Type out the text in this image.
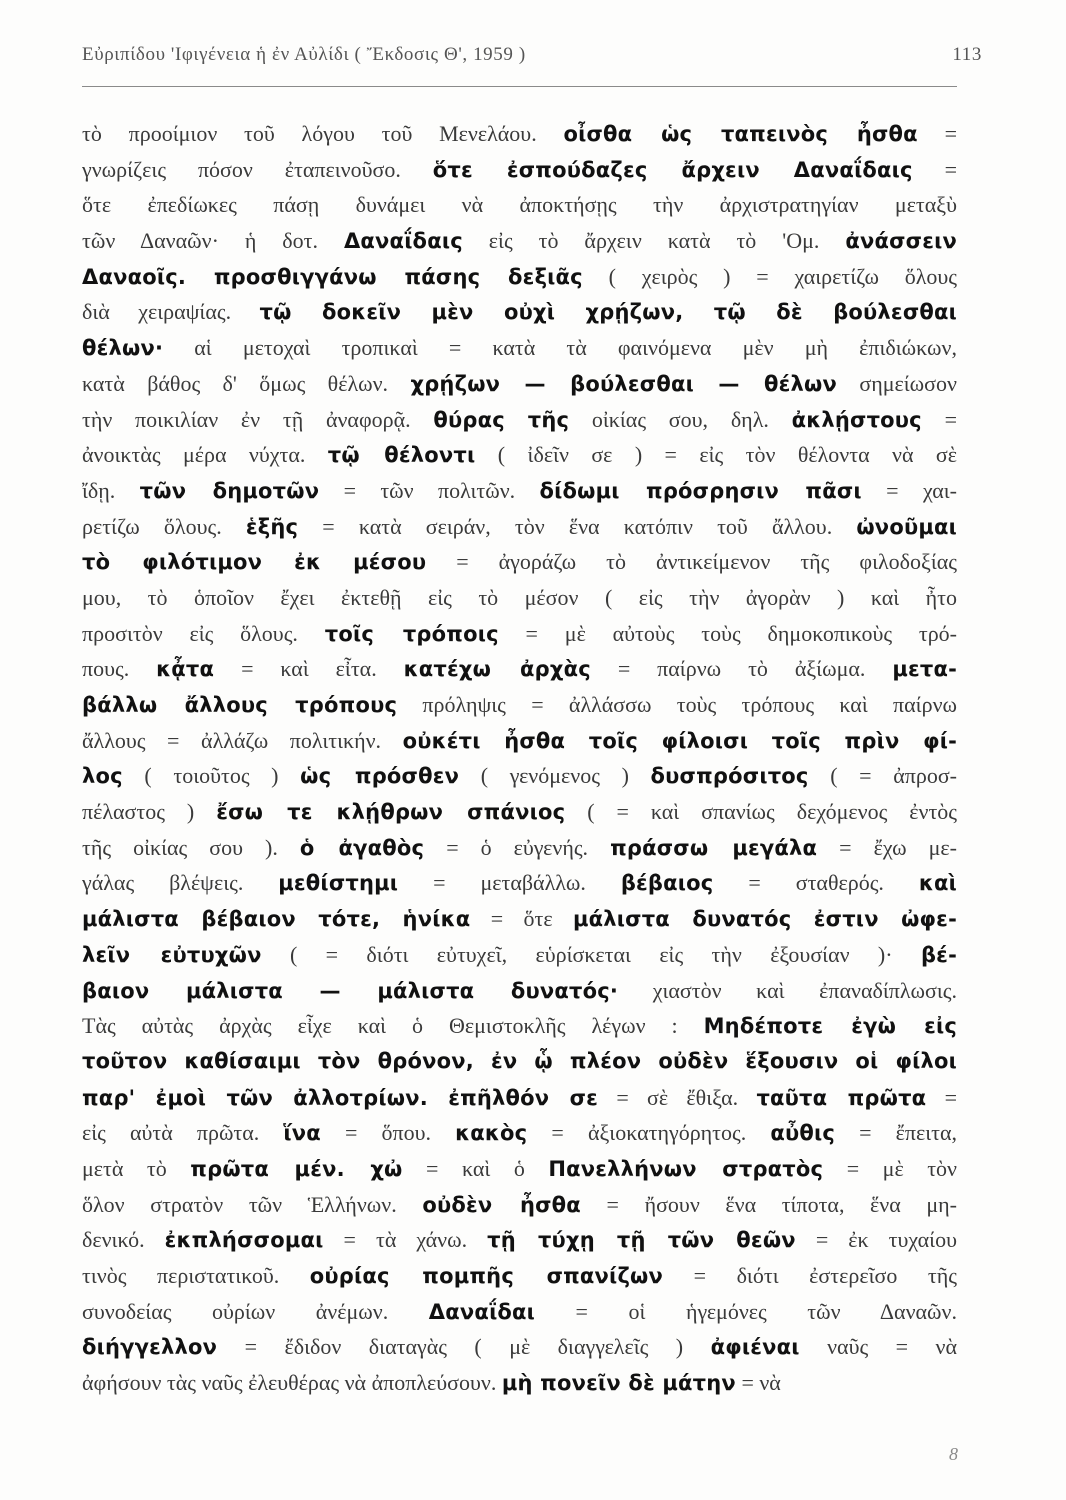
Εὐριπίδου 'Ιφιγένεια ἡ ἐν Αὐλίδι ( Ἔκδοσις Θ', 1959 )	113
τὸ προοίμιον τοῦ λόγου τοῦ Μενελάου. οἶσθα ὡς ταπεινὸς ἦσθα =
γνωρίζεις πόσον ἐταπεινοῦσο. ὅτε ἐσπούδαζες ἄρχειν Δαναΐδαις =
ὅτε ἐπεδίωκες πάσῃ δυνάμει νὰ ἀποκτήσῃς τὴν ἀρχιστρατηγίαν μεταξὺ
τῶν Δαναῶν· ἡ δοτ. Δαναΐδαις εἰς τὸ ἄρχειν κατὰ τὸ 'Ομ. ἀνάσσειν
Δαναοῖς. προσθιγγάνω πάσης δεξιᾶς ( χειρὸς ) = χαιρετίζω ὅλους
διὰ χειραψίας. τῷ δοκεῖν μὲν οὐχὶ χρῄζων, τῷ δὲ βούλεσθαι
θέλων· αἱ μετοχαὶ τροπικαὶ = κατὰ τὰ φαινόμενα μὲν μὴ ἐπιδιώκων,
κατὰ βάθος δ' ὅμως θέλων. χρῄζων — βούλεσθαι — θέλων σημείωσον
τὴν ποικιλίαν ἐν τῇ ἀναφορᾷ. θύρας τῆς οἰκίας σου, δηλ. ἀκλῄστους =
ἀνοικτὰς μέρα νύχτα. τῷ θέλοντι ( ἰδεῖν σε ) = εἰς τὸν θέλοντα νὰ σὲ
ἴδῃ. τῶν δημοτῶν = τῶν πολιτῶν. δίδωμι πρόσρησιν πᾶσι = χαι-
ρετίζω ὅλους. ἑξῆς = κατὰ σειράν, τὸν ἕνα κατόπιν τοῦ ἄλλου. ὠνοῦμαι
τὸ φιλότιμον ἐκ μέσου = ἀγοράζω τὸ ἀντικείμενον τῆς φιλοδοξίας
μου, τὸ ὁποῖον ἔχει ἐκτεθῇ εἰς τὸ μέσον ( εἰς τὴν ἀγορὰν ) καὶ ἦτο
προσιτὸν εἰς ὅλους. τοῖς τρόποις = μὲ αὐτοὺς τοὺς δημοκοπικοὺς τρό-
πους. κᾆτα = καὶ εἶτα. κατέχω ἀρχὰς = παίρνω τὸ ἀξίωμα. μετα-
βάλλω ἄλλους τρόπους πρόληψις = ἀλλάσσω τοὺς τρόπους καὶ παίρνω
ἄλλους = ἀλλάζω πολιτικήν. οὐκέτι ἦσθα τοῖς φίλοισι τοῖς πρὶν φί-
λος ( τοιοῦτος ) ὡς πρόσθεν ( γενόμενος ) δυσπρόσιτος ( = ἀπροσ-
πέλαστος ) ἔσω τε κλῄθρων σπάνιος ( = καὶ σπανίως δεχόμενος ἐντὸς
τῆς οἰκίας σου ). ὁ ἀγαθὸς = ὁ εὐγενής. πράσσω μεγάλα = ἔχω με-
γάλας βλέψεις. μεθίστημι = μεταβάλλω. βέβαιος = σταθερός. καὶ
μάλιστα βέβαιον τότε, ἡνίκα = ὅτε μάλιστα δυνατός ἐστιν ὠφε-
λεῖν εὐτυχῶν ( = διότι εὐτυχεῖ, εὑρίσκεται εἰς τὴν ἐξουσίαν )· βέ-
βαιον μάλιστα — μάλιστα δυνατός· χιαστὸν καὶ ἐπαναδίπλωσις.
Τὰς αὐτὰς ἀρχὰς εἶχε καὶ ὁ Θεμιστοκλῆς λέγων : Μηδέποτε ἐγὼ εἰς
τοῦτον καθίσαιμι τὸν θρόνον, ἐν ᾧ πλέον οὐδὲν ἕξουσιν οἱ φίλοι
παρ' ἐμοὶ τῶν ἀλλοτρίων. ἐπῆλθόν σε = σὲ ἔθιξα. ταῦτα πρῶτα =
εἰς αὐτὰ πρῶτα. ἵνα = ὅπου. κακὸς = ἀξιοκατηγόρητος. αὖθις = ἔπειτα,
μετὰ τὸ πρῶτα μέν. χὠ = καὶ ὁ Πανελλήνων στρατὸς = μὲ τὸν
ὅλον στρατὸν τῶν Ἑλλήνων. οὐδὲν ἦσθα = ἤσουν ἕνα τίποτα, ἕνα μη-
δενικό. ἐκπλήσσομαι = τὰ χάνω. τῇ τύχῃ τῇ τῶν θεῶν = ἐκ τυχαίου
τινὸς περιστατικοῦ. οὐρίας πομπῆς σπανίζων = διότι ἐστερεῖσο τῆς
συνοδείας οὐρίων ἀνέμων. Δαναΐδαι = οἱ ἡγεμόνες τῶν Δαναῶν.
διήγγελλον = ἔδιδον διαταγὰς ( μὲ διαγγελεῖς ) ἀφιέναι ναῦς = νὰ
ἀφήσουν τὰς ναῦς ἐλευθέρας νὰ ἀποπλεύσουν. μὴ πονεῖν δὲ μάτην = νὰ
8
